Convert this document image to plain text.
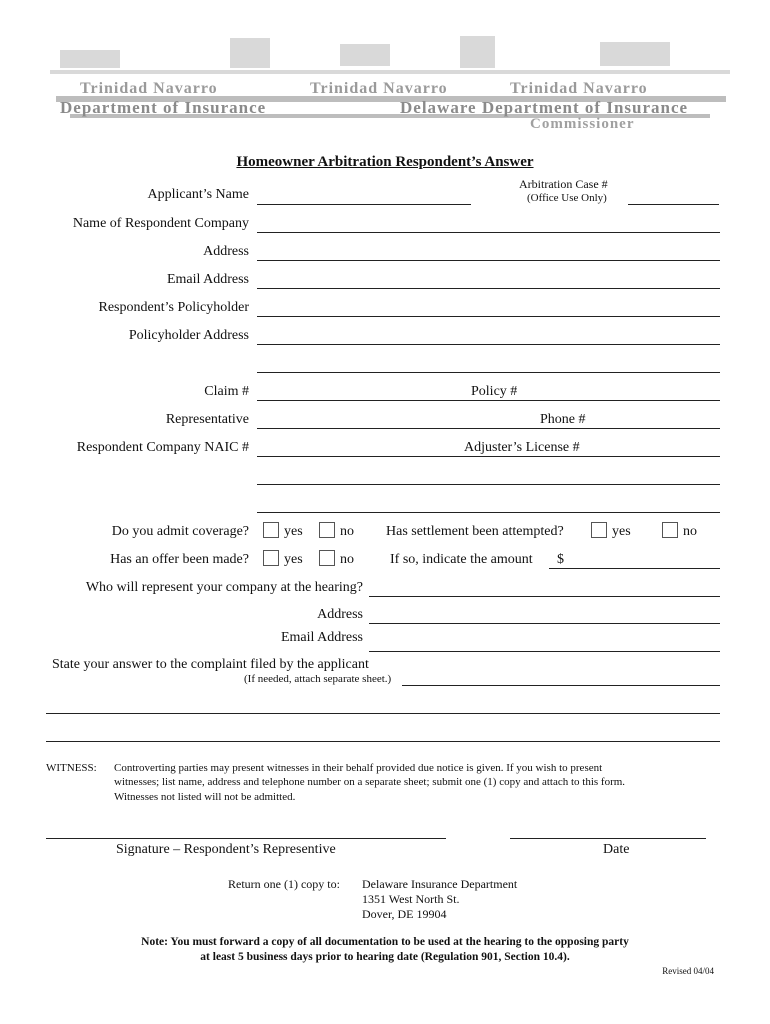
Trinidad Navarro	Trinidad Navarro	Trinidad Navarro
Department of Insurance	Delaware Department of Insurance
Commissioner
Homeowner Arbitration Respondent’s Answer
Applicant’s Name
Arbitration Case #
(Office Use Only)
Name of Respondent Company
Address
Email Address
Respondent’s Policyholder
Policyholder Address
Claim #	Policy #
Representative	Phone #
Respondent Company NAIC #	Adjuster’s License #
Do you admit coverage?	yes	no Has settlement been attempted?	yes	no
Has an offer been made?	yes	no	If so, indicate the amount $
Who will represent your company at the hearing?
Address
Email Address
State your answer to the complaint filed by the applicant
(If needed, attach separate sheet.)
WITNESS: Controverting parties may present witnesses in their behalf provided due notice is given. If you wish to present
witnesses; list name, address and telephone number on a separate sheet; submit one (1) copy and attach to this form.
Witnesses not listed will not be admitted.
Signature – Respondent’s Representive	Date
Return one (1) copy to: Delaware Insurance Department
1351 West North St.
Dover, DE 19904
Note: You must forward a copy of all documentation to be used at the hearing to the opposing party
at least 5 business days prior to hearing date (Regulation 901, Section 10.4).
Revised 04/04
